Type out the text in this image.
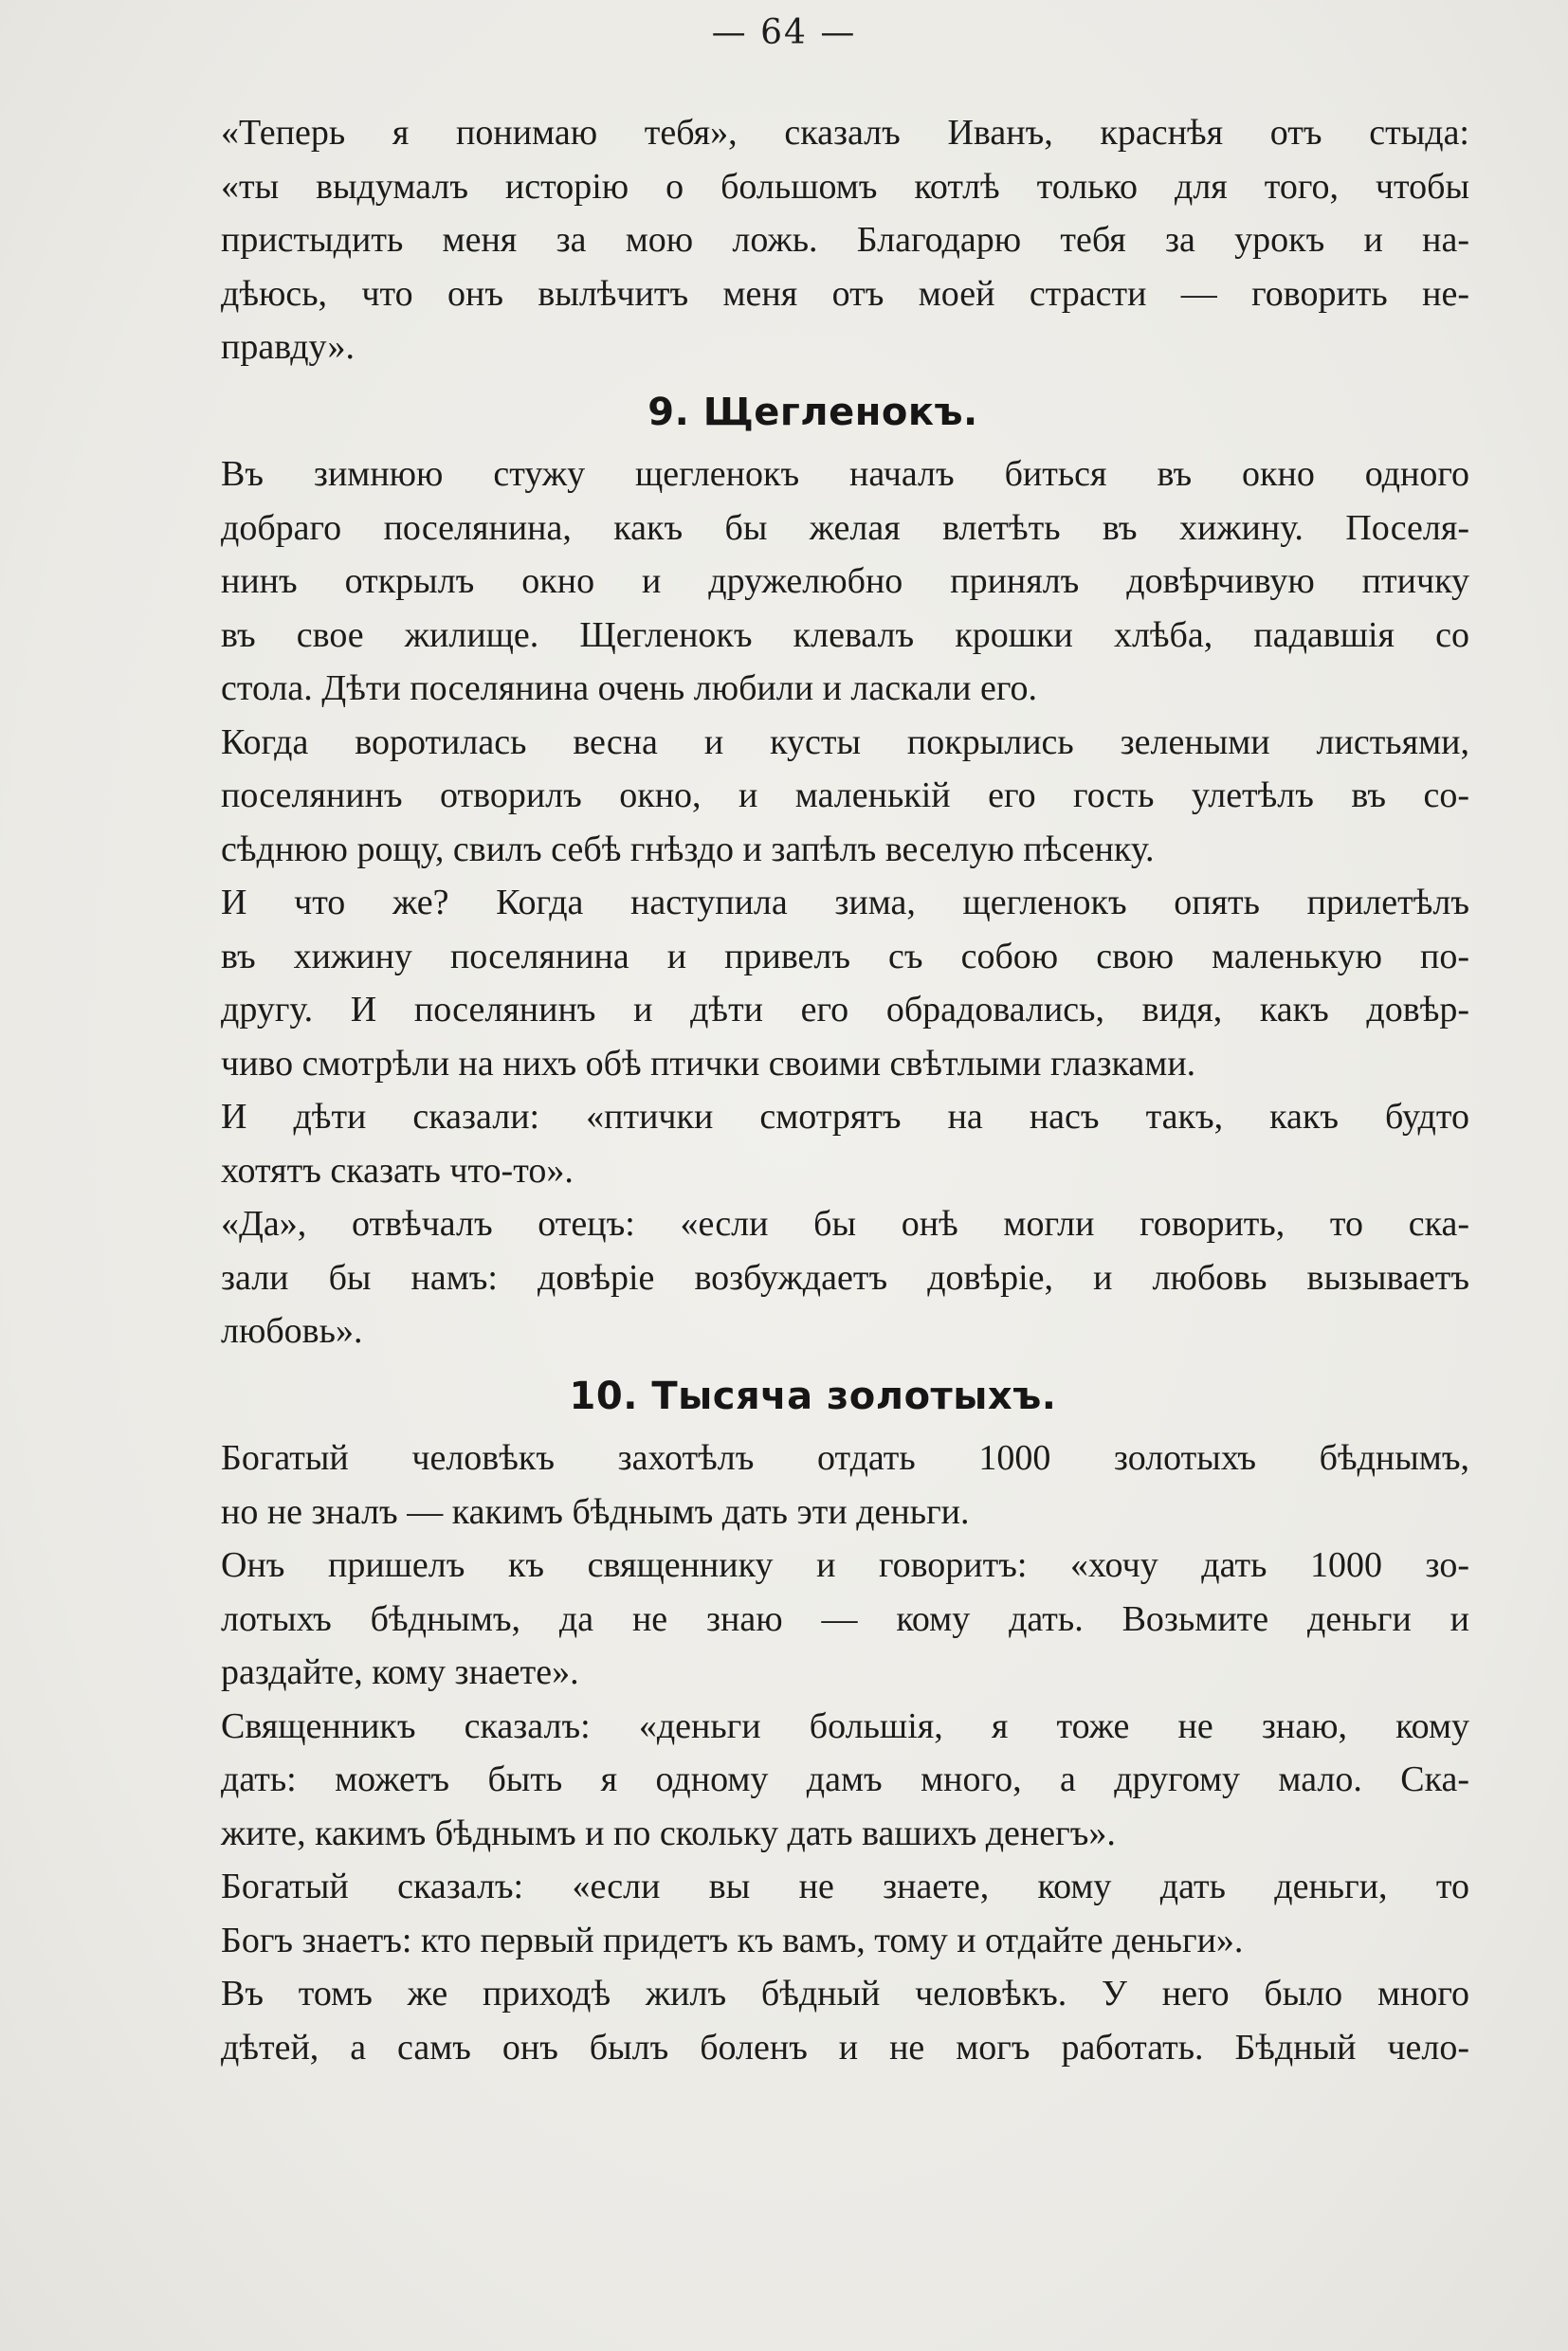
— 64 —

«Теперь я понимаю тебя», сказалъ Иванъ, краснѣя отъ стыда:
«ты выдумалъ исторію о большомъ котлѣ только для того, чтобы
пристыдить меня за мою ложь. Благодарю тебя за урокъ и на-
дѣюсь, что онъ вылѣчитъ меня отъ моей страсти — говорить не-
правду».

9. Щегленокъ.

Въ зимнюю стужу щегленокъ началъ биться въ окно одного
добраго поселянина, какъ бы желая влетѣть въ хижину. Поселя-
нинъ открылъ окно и дружелюбно принялъ довѣрчивую птичку
въ свое жилище. Щегленокъ клевалъ крошки хлѣба, падавшія со
стола. Дѣти поселянина очень любили и ласкали его.

Когда воротилась весна и кусты покрылись зелеными листьями,
поселянинъ отворилъ окно, и маленькій его гость улетѣлъ въ со-
сѣднюю рощу, свилъ себѣ гнѣздо и запѣлъ веселую пѣсенку.

И что же? Когда наступила зима, щегленокъ опять прилетѣлъ
въ хижину поселянина и привелъ съ собою свою маленькую по-
другу. И поселянинъ и дѣти его обрадовались, видя, какъ довѣр-
чиво смотрѣли на нихъ обѣ птички своими свѣтлыми глазками.

И дѣти сказали: «птички смотрятъ на насъ такъ, какъ будто
хотятъ сказать что-то».

«Да», отвѣчалъ отецъ: «если бы онѣ могли говорить, то ска-
зали бы намъ: довѣріе возбуждаетъ довѣріе, и любовь вызываетъ
любовь».

10. Тысяча золотыхъ.

Богатый человѣкъ захотѣлъ отдать 1000 золотыхъ бѣднымъ,
но не зналъ — какимъ бѣднымъ дать эти деньги.

Онъ пришелъ къ священнику и говоритъ: «хочу дать 1000 зо-
лотыхъ бѣднымъ, да не знаю — кому дать. Возьмите деньги и
раздайте, кому знаете».

Священникъ сказалъ: «деньги большія, я тоже не знаю, кому
дать: можетъ быть я одному дамъ много, а другому мало. Ска-
жите, какимъ бѣднымъ и по скольку дать вашихъ денегъ».

Богатый сказалъ: «если вы не знаете, кому дать деньги, то
Богъ знаетъ: кто первый придетъ къ вамъ, тому и отдайте деньги».

Въ томъ же приходѣ жилъ бѣдный человѣкъ. У него было много
дѣтей, а самъ онъ былъ боленъ и не могъ работать. Бѣдный чело-
